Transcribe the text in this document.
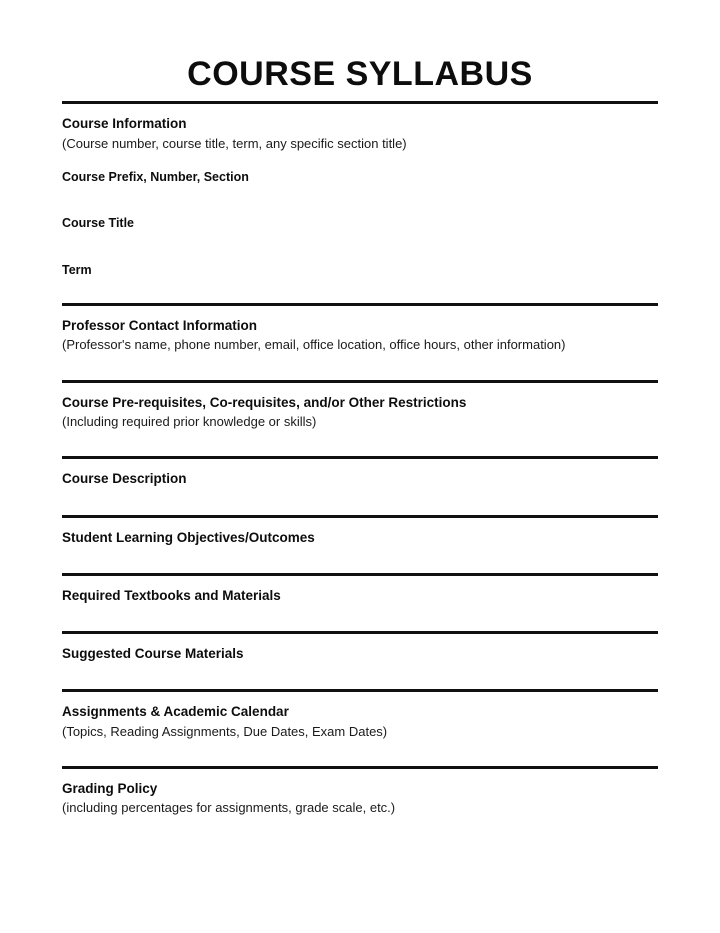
COURSE SYLLABUS

Course Information

(Course number, course title, term, any specific section title)

Course Prefix, Number, Section

Course Title

Term

Professor Contact Information

(Professor's name, phone number, email, office location, office hours, other information)

Course Pre-requisites, Co-requisites, and/or Other Restrictions

(Including required prior knowledge or skills)

Course Description

Student Learning Objectives/Outcomes

Required Textbooks and Materials

Suggested Course Materials

Assignments & Academic Calendar

(Topics, Reading Assignments, Due Dates, Exam Dates)

Grading Policy

(including percentages for assignments, grade scale, etc.)
